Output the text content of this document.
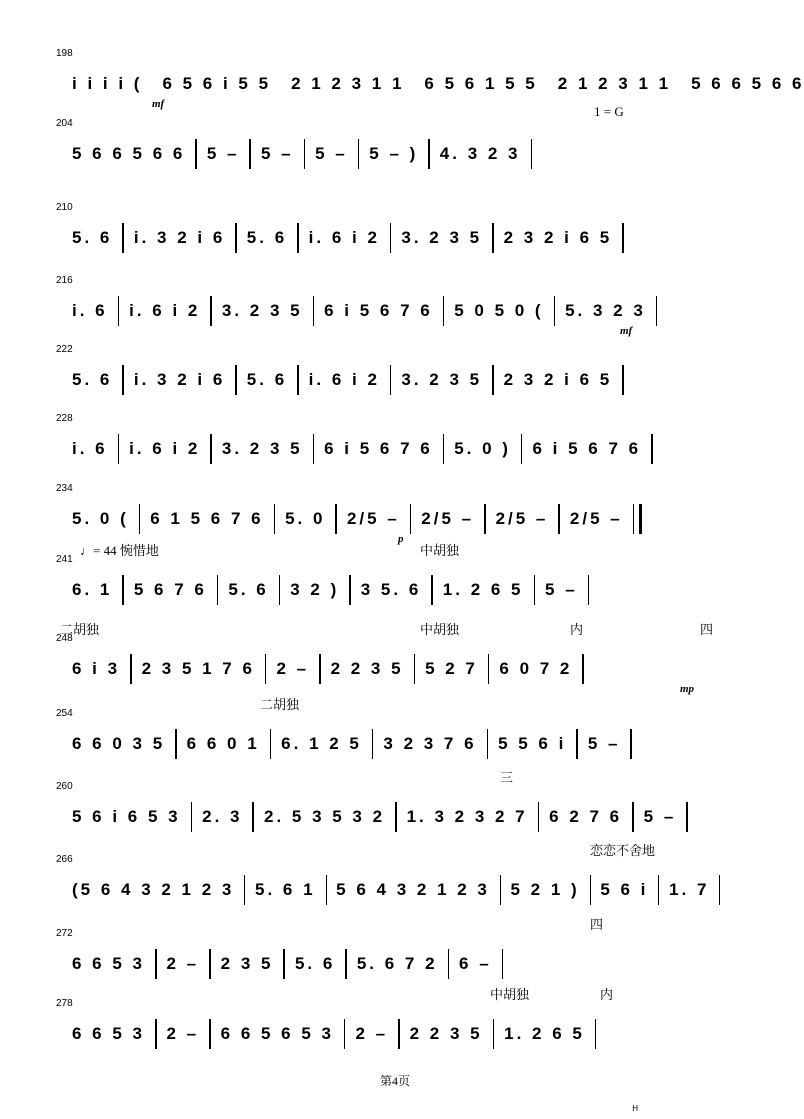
198
i i i i ( 6 5 6 i 5 5 2 1 2 3 1 1 6 5 6 1 5 5 2 1 2 3 1 1 5 6 6 5 6 6
mf
204
5 6 6 5 6 6 5 – 5 – 5 – 5 – ) 4. 3 2 3
1 = G
210
5. 6 i. 3 2 i 6 5. 6 i. 6 i 2 3. 2 3 5 2 3 2 i 6 5
216
i. 6 i. 6 i 2 3. 2 3 5 6 i 5 6 7 6 5 0 5 0 ( 5. 3 2 3
mf
222
5. 6 i. 3 2 i 6 5. 6 i. 6 i 2 3. 2 3 5 2 3 2 i 6 5
228
i. 6 i. 6 i 2 3. 2 3 5 6 i 5 6 7 6 5. 0 ) 6 i 5 6 7 6
234
5. 0 ( 6 1 5 6 7 6 5. 0 2/5 – 2/5 – 2/5 – 2/5 –
p
241
6. 1 5 6 7 6 5. 6 3 2 ) 3 5. 6 1. 2 6 5 5 –
♩= 44 惋惜地	中胡独
248
6 i 3 2 3 5 1 7 6 2 – 2 2 3 5 5 2 7 6 0 7 2
二胡独	中胡独	内	四
mp
254
6 6 0 3 5 6 6 0 1 6. 1 2 5 3 2 3 7 6 5 5 6 i 5 –
二胡独
260
5 6 i 6 5 3 2. 3 2. 5 3 5 3 2 1. 3 2 3 2 7 6 2 7 6 5 –
三
266
(5 6 4 3 2 1 2 3 5. 6 1 5 6 4 3 2 1 2 3 5 2 1 ) 5 6 i 1. 7
恋恋不舍地
272
6 6 5 3 2 – 2 3 5 5. 6 5. 6 7 2 6 –
四
278
6 6 5 3 2 – 6 6 5 6 5 3 2 – 2 2 3 5 1. 2 6 5
中胡独	内
第4页
H
